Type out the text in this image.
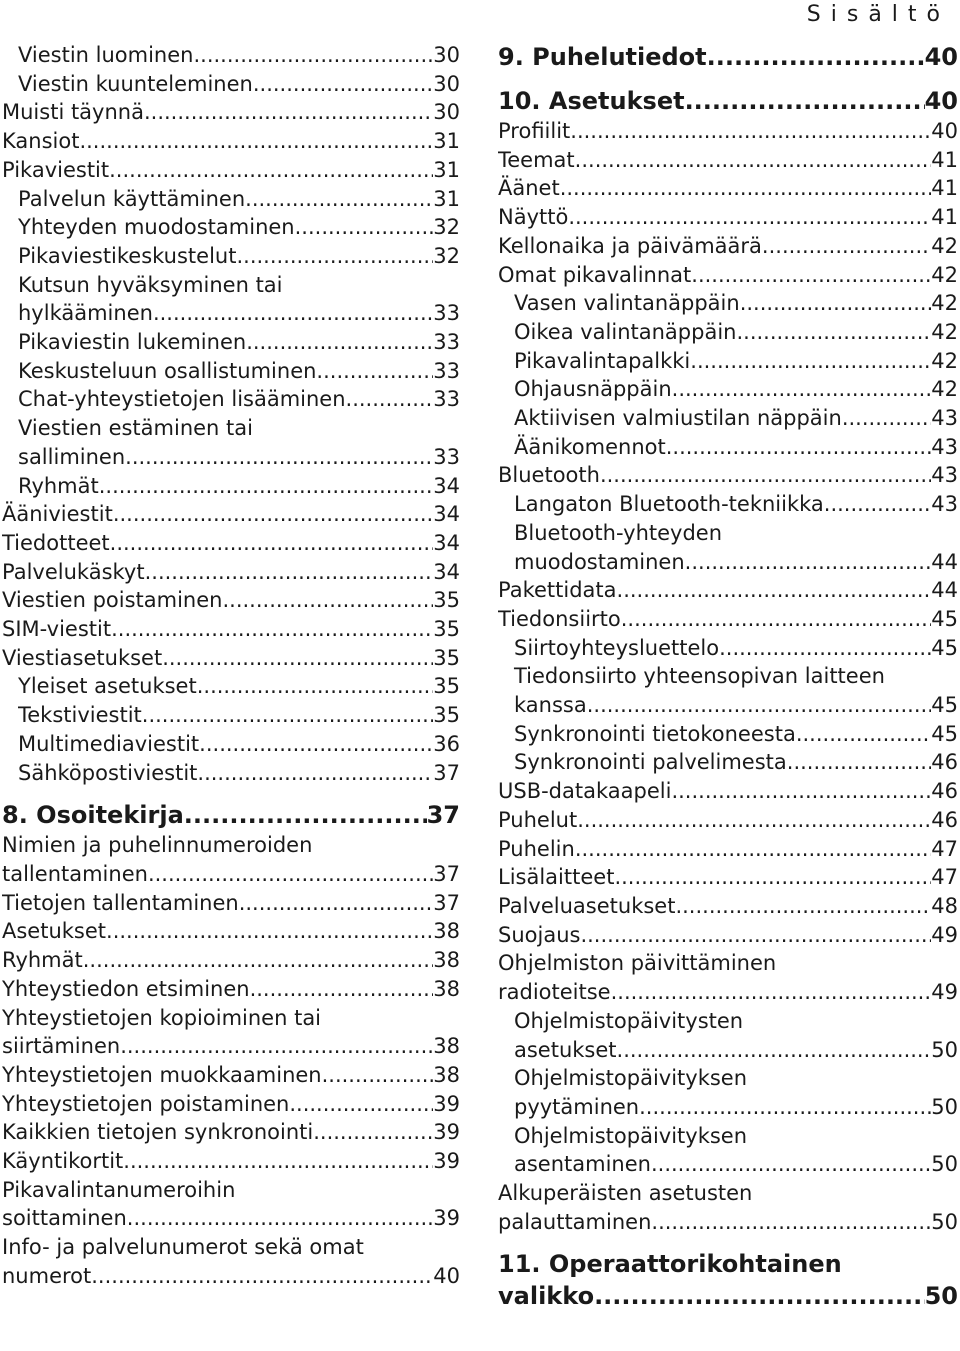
Sisältö
Viestin luominen .....	30
Viestin kuunteleminen .....	30
Muisti täynnä .....	30
Kansiot .....	31
Pikaviestit .....	31
Palvelun käyttäminen .....	31
Yhteyden muodostaminen .....	32
Pikaviestikeskustelut .....	32
Kutsun hyväksyminen tai
hylkääminen .....	33
Pikaviestin lukeminen .....	33
Keskusteluun osallistuminen .....	33
Chat-yhteystietojen lisääminen .....	33
Viestien estäminen tai
salliminen .....	33
Ryhmät .....	34
Ääniviestit .....	34
Tiedotteet .....	34
Palvelukäskyt .....	34
Viestien poistaminen .....	35
SIM-viestit .....	35
Viestiasetukset .....	35
Yleiset asetukset .....	35
Tekstiviestit .....	35
Multimediaviestit .....	36
Sähköpostiviestit .....	37
8. Osoitekirja .....	37
Nimien ja puhelinnumeroiden
tallentaminen .....	37
Tietojen tallentaminen .....	37
Asetukset .....	38
Ryhmät .....	38
Yhteystiedon etsiminen .....	38
Yhteystietojen kopioiminen tai
siirtäminen .....	38
Yhteystietojen muokkaaminen .....	38
Yhteystietojen poistaminen .....	39
Kaikkien tietojen synkronointi .....	39
Käyntikortit .....	39
Pikavalintanumeroihin
soittaminen .....	39
Info- ja palvelunumerot sekä omat
numerot .....	40
9. Puhelutiedot .....	40
10. Asetukset .....	40
Profiilit .....	40
Teemat .....	41
Äänet .....	41
Näyttö .....	41
Kellonaika ja päivämäärä .....	42
Omat pikavalinnat .....	42
Vasen valintanäppäin .....	42
Oikea valintanäppäin .....	42
Pikavalintapalkki .....	42
Ohjausnäppäin .....	42
Aktiivisen valmiustilan näppäin .....	43
Äänikomennot .....	43
Bluetooth .....	43
Langaton Bluetooth-tekniikka .....	43
Bluetooth-yhteyden
muodostaminen .....	44
Pakettidata .....	44
Tiedonsiirto .....	45
Siirtoyhteysluettelo .....	45
Tiedonsiirto yhteensopivan laitteen
kanssa .....	45
Synkronointi tietokoneesta .....	45
Synkronointi palvelimesta .....	46
USB-datakaapeli .....	46
Puhelut .....	46
Puhelin .....	47
Lisälaitteet .....	47
Palveluasetukset .....	48
Suojaus .....	49
Ohjelmiston päivittäminen
radioteitse .....	49
Ohjelmistopäivitysten
asetukset .....	50
Ohjelmistopäivityksen
pyytäminen .....	50
Ohjelmistopäivityksen
asentaminen .....	50
Alkuperäisten asetusten
palauttaminen .....	50
11. Operaattorikohtainen
valikko .....	50
